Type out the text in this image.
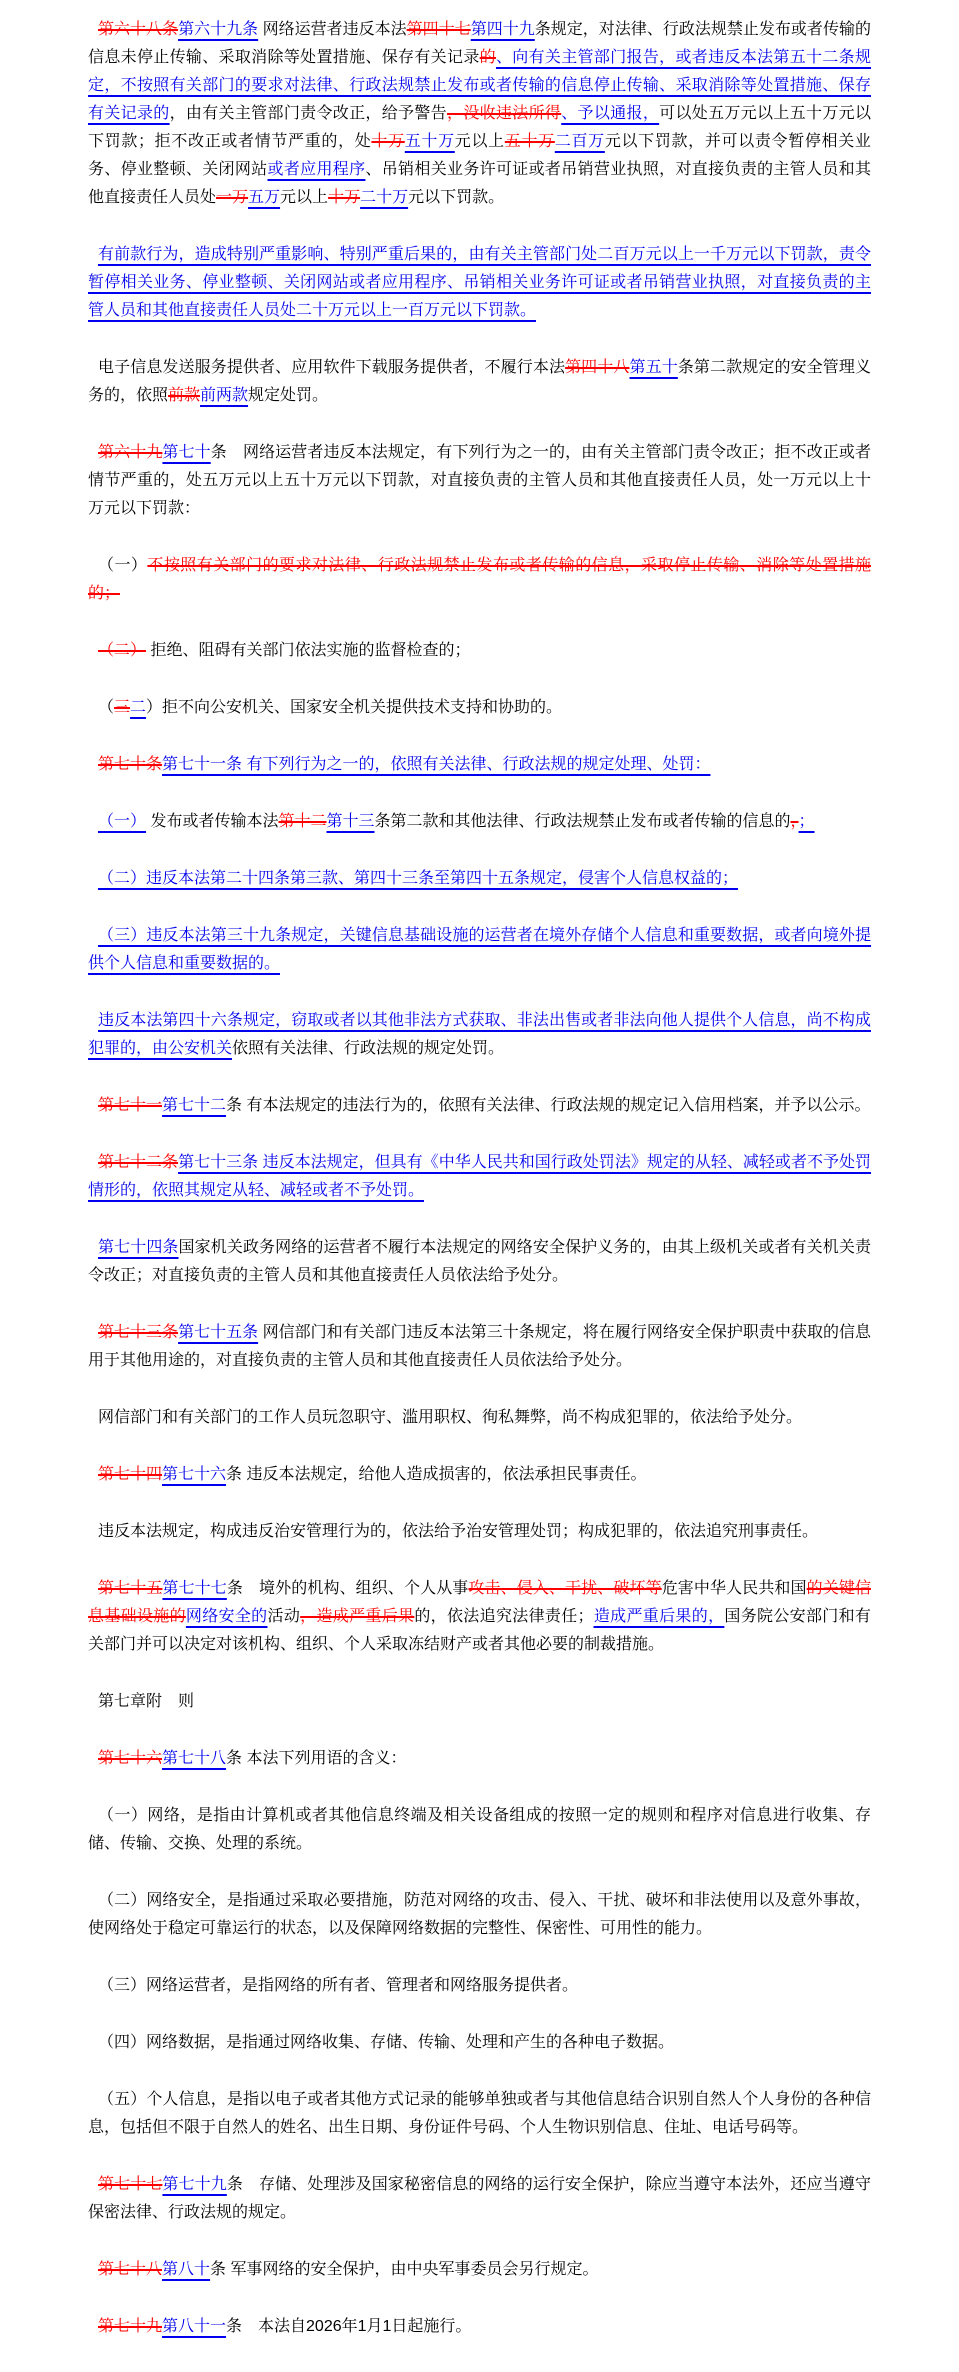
第六十八条第六十九条 网络运营者违反本法第四十七第四十九条规定，对法律、行政法规禁止发布或者传输的信息未停止传输、采取消除等处置措施、保存有关记录的、向有关主管部门报告，或者违反本法第五十二条规定，不按照有关部门的要求对法律、行政法规禁止发布或者传输的信息停止传输、采取消除等处置措施、保存有关记录的，由有关主管部门责令改正，给予警告，没收违法所得、予以通报，可以处五万元以上五十万元以下罚款；拒不改正或者情节严重的，处十万五十万元以上五十万二百万元以下罚款，并可以责令暂停相关业务、停业整顿、关闭网站或者应用程序、吊销相关业务许可证或者吊销营业执照，对直接负责的主管人员和其他直接责任人员处一万五万元以上十万二十万元以下罚款。

有前款行为，造成特别严重影响、特别严重后果的，由有关主管部门处二百万元以上一千万元以下罚款，责令暂停相关业务、停业整顿、关闭网站或者应用程序、吊销相关业务许可证或者吊销营业执照，对直接负责的主管人员和其他直接责任人员处二十万元以上一百万元以下罚款。

电子信息发送服务提供者、应用软件下载服务提供者，不履行本法第四十八第五十条第二款规定的安全管理义务的，依照前款前两款规定处罚。

第六十九第七十条　网络运营者违反本法规定，有下列行为之一的，由有关主管部门责令改正；拒不改正或者情节严重的，处五万元以上五十万元以下罚款，对直接负责的主管人员和其他直接责任人员，处一万元以上十万元以下罚款：

（一）不按照有关部门的要求对法律、行政法规禁止发布或者传输的信息，采取停止传输、消除等处置措施的；

（二） 拒绝、阻碍有关部门依法实施的监督检查的；

（三二）拒不向公安机关、国家安全机关提供技术支持和协助的。

第七十条第七十一条 有下列行为之一的，依照有关法律、行政法规的规定处理、处罚：

（一） 发布或者传输本法第十二第十三条第二款和其他法律、行政法规禁止发布或者传输的信息的，；

（二）违反本法第二十四条第三款、第四十三条至第四十五条规定，侵害个人信息权益的；

（三）违反本法第三十九条规定，关键信息基础设施的运营者在境外存储个人信息和重要数据，或者向境外提供个人信息和重要数据的。

违反本法第四十六条规定，窃取或者以其他非法方式获取、非法出售或者非法向他人提供个人信息，尚不构成犯罪的，由公安机关依照有关法律、行政法规的规定处罚。

第七十一第七十二条 有本法规定的违法行为的，依照有关法律、行政法规的规定记入信用档案，并予以公示。

第七十二条第七十三条 违反本法规定，但具有《中华人民共和国行政处罚法》规定的从轻、减轻或者不予处罚情形的，依照其规定从轻、减轻或者不予处罚。

第七十四条国家机关政务网络的运营者不履行本法规定的网络安全保护义务的，由其上级机关或者有关机关责令改正；对直接负责的主管人员和其他直接责任人员依法给予处分。

第七十三条第七十五条 网信部门和有关部门违反本法第三十条规定，将在履行网络安全保护职责中获取的信息用于其他用途的，对直接负责的主管人员和其他直接责任人员依法给予处分。

网信部门和有关部门的工作人员玩忽职守、滥用职权、徇私舞弊，尚不构成犯罪的，依法给予处分。

第七十四第七十六条 违反本法规定，给他人造成损害的，依法承担民事责任。

违反本法规定，构成违反治安管理行为的，依法给予治安管理处罚；构成犯罪的，依法追究刑事责任。

第七十五第七十七条　境外的机构、组织、个人从事攻击、侵入、干扰、破坏等危害中华人民共和国的关键信息基础设施的网络安全的活动，造成严重后果的，依法追究法律责任；造成严重后果的，国务院公安部门和有关部门并可以决定对该机构、组织、个人采取冻结财产或者其他必要的制裁措施。

第七章附　则

第七十六第七十八条 本法下列用语的含义：

（一）网络，是指由计算机或者其他信息终端及相关设备组成的按照一定的规则和程序对信息进行收集、存储、传输、交换、处理的系统。

（二）网络安全，是指通过采取必要措施，防范对网络的攻击、侵入、干扰、破坏和非法使用以及意外事故，使网络处于稳定可靠运行的状态，以及保障网络数据的完整性、保密性、可用性的能力。

（三）网络运营者，是指网络的所有者、管理者和网络服务提供者。

（四）网络数据，是指通过网络收集、存储、传输、处理和产生的各种电子数据。

（五）个人信息，是指以电子或者其他方式记录的能够单独或者与其他信息结合识别自然人个人身份的各种信息，包括但不限于自然人的姓名、出生日期、身份证件号码、个人生物识别信息、住址、电话号码等。

第七十七第七十九条　存储、处理涉及国家秘密信息的网络的运行安全保护，除应当遵守本法外，还应当遵守保密法律、行政法规的规定。

第七十八第八十条 军事网络的安全保护，由中央军事委员会另行规定。

第七十九第八十一条　本法自2026年1月1日起施行。
